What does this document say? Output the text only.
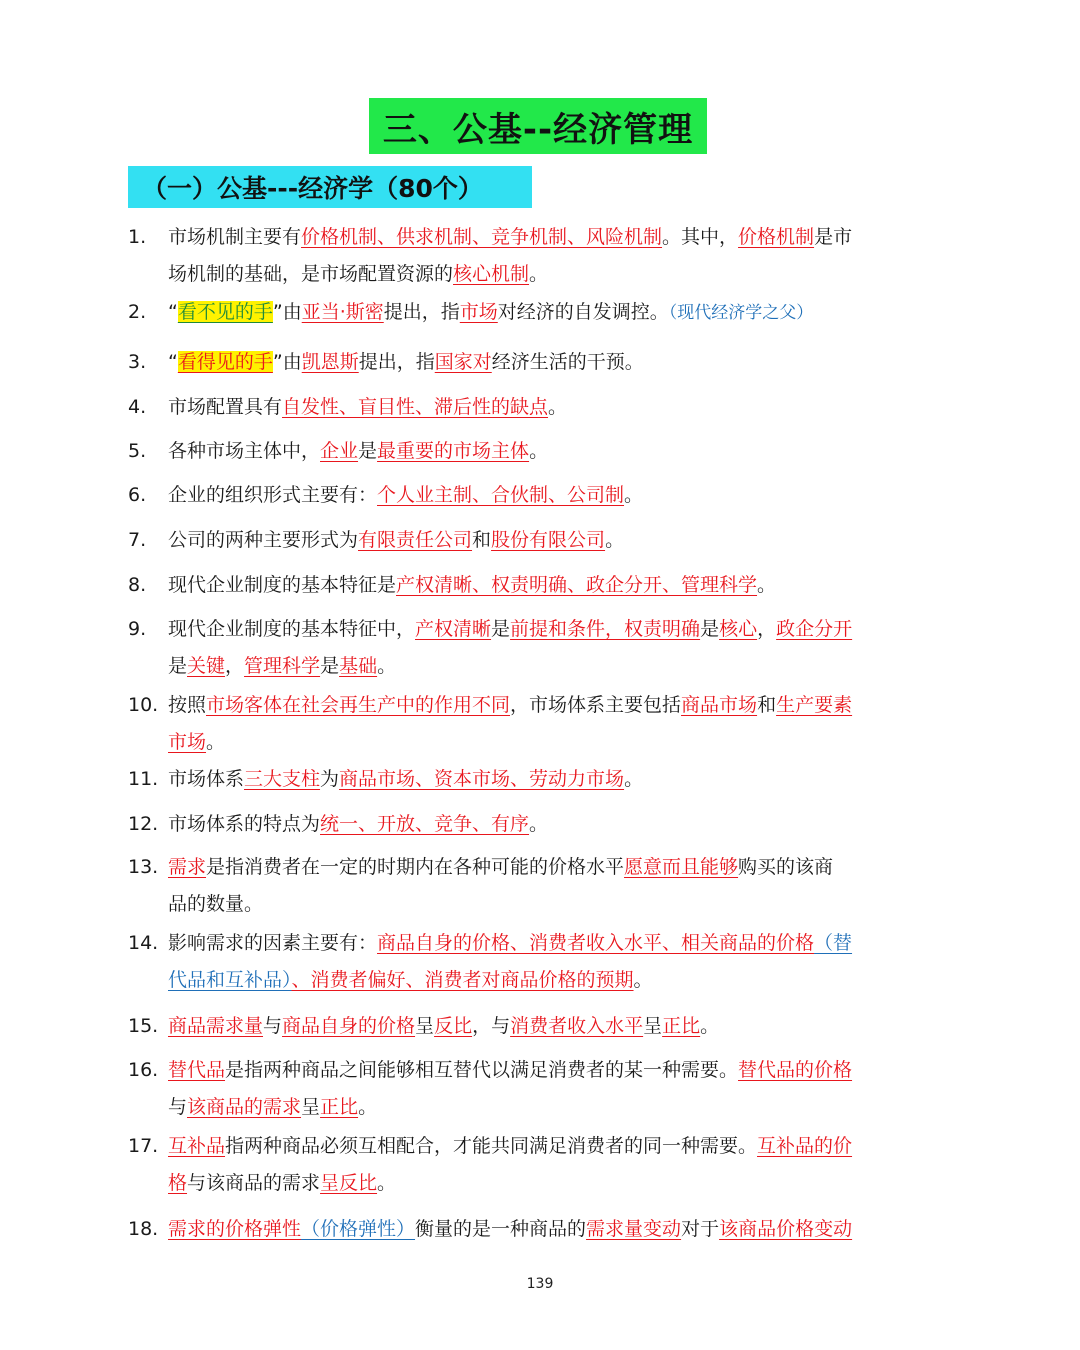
三、公基--经济管理
（一）公基---经济学（80个）
1.	市场机制主要有价格机制、供求机制、竞争机制、风险机制。其中，价格机制是市
场机制的基础，是市场配置资源的核心机制。
2.	“看不见的手”由亚当·斯密提出，指市场对经济的自发调控。（现代经济学之父）
3.	“看得见的手”由凯恩斯提出，指国家对经济生活的干预。
4.	市场配置具有自发性、盲目性、滞后性的缺点。
5.	各种市场主体中，企业是最重要的市场主体。
6.	企业的组织形式主要有：个人业主制、合伙制、公司制。
7.	公司的两种主要形式为有限责任公司和股份有限公司。
8.	现代企业制度的基本特征是产权清晰、权责明确、政企分开、管理科学。
9.	现代企业制度的基本特征中，产权清晰是前提和条件，权责明确是核心，政企分开
是关键，管理科学是基础。
10. 按照市场客体在社会再生产中的作用不同，市场体系主要包括商品市场和生产要素
市场。
11. 市场体系三大支柱为商品市场、资本市场、劳动力市场。
12. 市场体系的特点为统一、开放、竞争、有序。
13. 需求是指消费者在一定的时期内在各种可能的价格水平愿意而且能够购买的该商
品的数量。
14. 影响需求的因素主要有：商品自身的价格、消费者收入水平、相关商品的价格（替
代品和互补品）、消费者偏好、消费者对商品价格的预期。
15. 商品需求量与商品自身的价格呈反比，与消费者收入水平呈正比。
16. 替代品是指两种商品之间能够相互替代以满足消费者的某一种需要。替代品的价格
与该商品的需求呈正比。
17. 互补品指两种商品必须互相配合，才能共同满足消费者的同一种需要。互补品的价
格与该商品的需求呈反比。
18. 需求的价格弹性（价格弹性）衡量的是一种商品的需求量变动对于该商品价格变动
139
